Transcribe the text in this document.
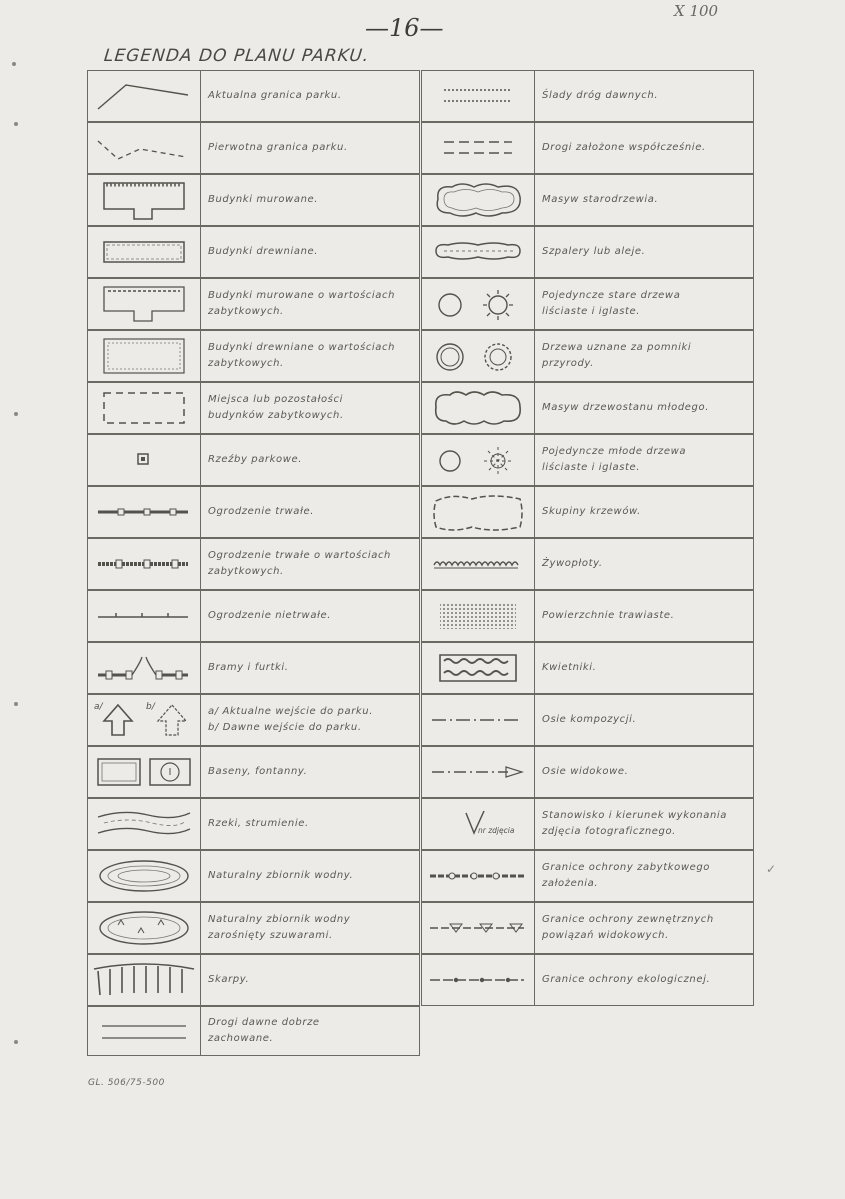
—16—
X 100
LEGENDA DO PLANU PARKU.
Aktualna granica parku.
Pierwotna granica parku.
Budynki murowane.
Budynki drewniane.
Budynki murowane o wartościach
zabytkowych.
Budynki drewniane o wartościach
zabytkowych.
Miejsca lub pozostałości
budynków zabytkowych.
Rzeźby parkowe.
Ogrodzenie trwałe.
Ogrodzenie trwałe o wartościach
zabytkowych.
Ogrodzenie nietrwałe.
Bramy i furtki.
a/	b/	a/ Aktualne wejście do parku.
b/ Dawne wejście do parku.
Baseny, fontanny.
Rzeki, strumienie.
Naturalny zbiornik wodny.
Naturalny zbiornik wodny
zarośnięty szuwarami.
Skarpy.
Drogi dawne dobrze
zachowane.
Ślady dróg dawnych.
Drogi założone współcześnie.
Masyw starodrzewia.
Szpalery lub aleje.
Pojedyncze stare drzewa
liściaste i iglaste.
Drzewa uznane za pomniki
przyrody.
Masyw drzewostanu młodego.
Pojedyncze młode drzewa
liściaste i iglaste.
Skupiny krzewów.
Żywopłoty.
Powierzchnie trawiaste.
Kwietniki.
Osie kompozycji.
Osie widokowe.
nr zdjęcia
Stanowisko i kierunek wykonania
zdjęcia fotograficznego.
Granice ochrony zabytkowego
założenia.
Granice ochrony zewnętrznych
powiązań widokowych.
Granice ochrony ekologicznej.
✓
GL. 506/75-500
